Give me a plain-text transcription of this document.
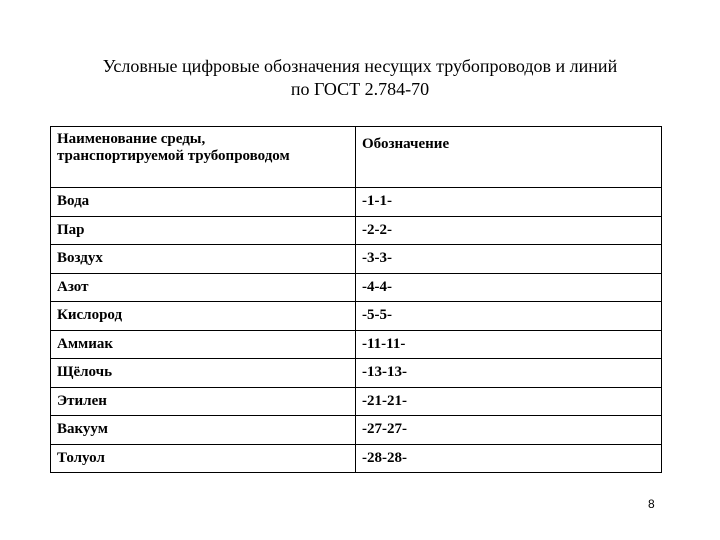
Условные цифровые обозначения несущих трубопроводов и линий
по ГОСТ 2.784-70
Наименование среды,
транспортируемой трубопроводом	Обозначение
Вода	-1-1-
Пар	-2-2-
Воздух	-3-3-
Азот	-4-4-
Кислород	-5-5-
Аммиак	-11-11-
Щёлочь	-13-13-
Этилен	-21-21-
Вакуум	-27-27-
Толуол	-28-28-
8
